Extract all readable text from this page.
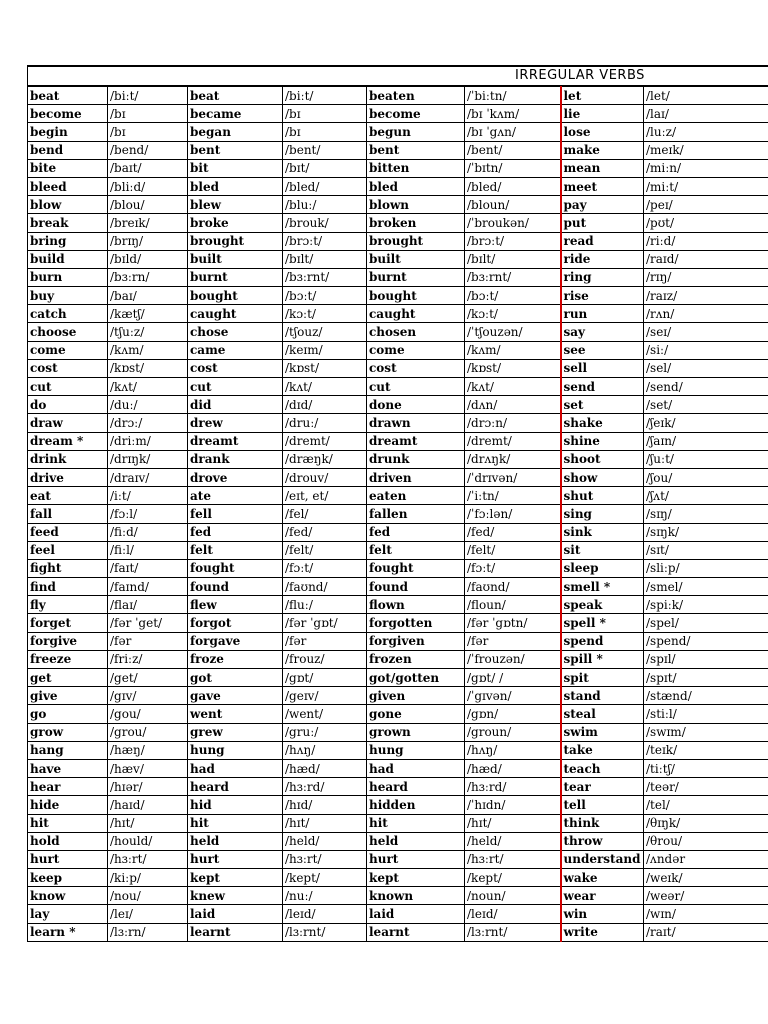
IRREGULAR VERBS
beat	/biːt/	beat	/biːt/	beaten	/ˈbiːtn/	let	/let/
become	/bɪ	became	/bɪ	become	/bɪ ˈkʌm/	lie	/laɪ/
begin	/bɪ	began	/bɪ	begun	/bɪ ˈgʌn/	lose	/luːz/
bend	/bend/	bent	/bent/	bent	/bent/	make	/meɪk/
bite	/baɪt/	bit	/bɪt/	bitten	/ˈbɪtn/	mean	/miːn/
bleed	/bliːd/	bled	/bled/	bled	/bled/	meet	/miːt/
blow	/blou/	blew	/bluː/	blown	/bloun/	pay	/peɪ/
break	/breɪk/	broke	/brouk/	broken	/ˈbroukən/	put	/pʊt/
bring	/brɪŋ/	brought	/brɔːt/	brought	/brɔːt/	read	/riːd/
build	/bɪld/	built	/bɪlt/	built	/bɪlt/	ride	/raɪd/
burn	/bɜːrn/	burnt	/bɜːrnt/	burnt	/bɜːrnt/	ring	/rɪŋ/
buy	/baɪ/	bought	/bɔːt/	bought	/bɔːt/	rise	/raɪz/
catch	/kætʃ/	caught	/kɔːt/	caught	/kɔːt/	run	/rʌn/
choose	/tʃuːz/	chose	/tʃouz/	chosen	/ˈtʃouzən/	say	/seɪ/
come	/kʌm/	came	/keɪm/	come	/kʌm/	see	/siː/
cost	/kɒst/	cost	/kɒst/	cost	/kɒst/	sell	/sel/
cut	/kʌt/	cut	/kʌt/	cut	/kʌt/	send	/send/
do	/duː/	did	/dɪd/	done	/dʌn/	set	/set/
draw	/drɔː/	drew	/druː/	drawn	/drɔːn/	shake	/ʃeɪk/
dream *	/driːm/	dreamt	/dremt/	dreamt	/dremt/	shine	/ʃaɪn/
drink	/drɪŋk/	drank	/dræŋk/	drunk	/drʌŋk/	shoot	/ʃuːt/
drive	/draɪv/	drove	/drouv/	driven	/ˈdrɪvən/	show	/ʃou/
eat	/iːt/	ate	/eɪt, et/	eaten	/ˈiːtn/	shut	/ʃʌt/
fall	/fɔːl/	fell	/fel/	fallen	/ˈfɔːlən/	sing	/sɪŋ/
feed	/fiːd/	fed	/fed/	fed	/fed/	sink	/sɪŋk/
feel	/fiːl/	felt	/felt/	felt	/felt/	sit	/sɪt/
fight	/faɪt/	fought	/fɔːt/	fought	/fɔːt/	sleep	/sliːp/
find	/faɪnd/	found	/faʊnd/	found	/faʊnd/	smell *	/smel/
fly	/flaɪ/	flew	/fluː/	flown	/floun/	speak	/spiːk/
forget	/fər ˈget/	forgot	/fər ˈgɒt/	forgotten	/fər ˈgɒtn/	spell *	/spel/
forgive	/fər	forgave	/fər	forgiven	/fər	spend	/spend/
freeze	/friːz/	froze	/frouz/	frozen	/ˈfrouzən/	spill *	/spɪl/
get	/get/	got	/gɒt/	got/gotten	/gɒt/ /	spit	/spɪt/
give	/gɪv/	gave	/geɪv/	given	/ˈgɪvən/	stand	/stænd/
go	/gou/	went	/went/	gone	/gɒn/	steal	/stiːl/
grow	/grou/	grew	/gruː/	grown	/groun/	swim	/swɪm/
hang	/hæŋ/	hung	/hʌŋ/	hung	/hʌŋ/	take	/teɪk/
have	/hæv/	had	/hæd/	had	/hæd/	teach	/tiːtʃ/
hear	/hɪər/	heard	/hɜːrd/	heard	/hɜːrd/	tear	/teər/
hide	/haɪd/	hid	/hɪd/	hidden	/ˈhɪdn/	tell	/tel/
hit	/hɪt/	hit	/hɪt/	hit	/hɪt/	think	/θɪŋk/
hold	/hould/	held	/held/	held	/held/	throw	/θrou/
hurt	/hɜːrt/	hurt	/hɜːrt/	hurt	/hɜːrt/	understand	/ʌndər
keep	/kiːp/	kept	/kept/	kept	/kept/	wake	/weɪk/
know	/nou/	knew	/nuː/	known	/noun/	wear	/weər/
lay	/leɪ/	laid	/leɪd/	laid	/leɪd/	win	/wɪn/
learn *	/lɜːrn/	learnt	/lɜːrnt/	learnt	/lɜːrnt/	write	/raɪt/
